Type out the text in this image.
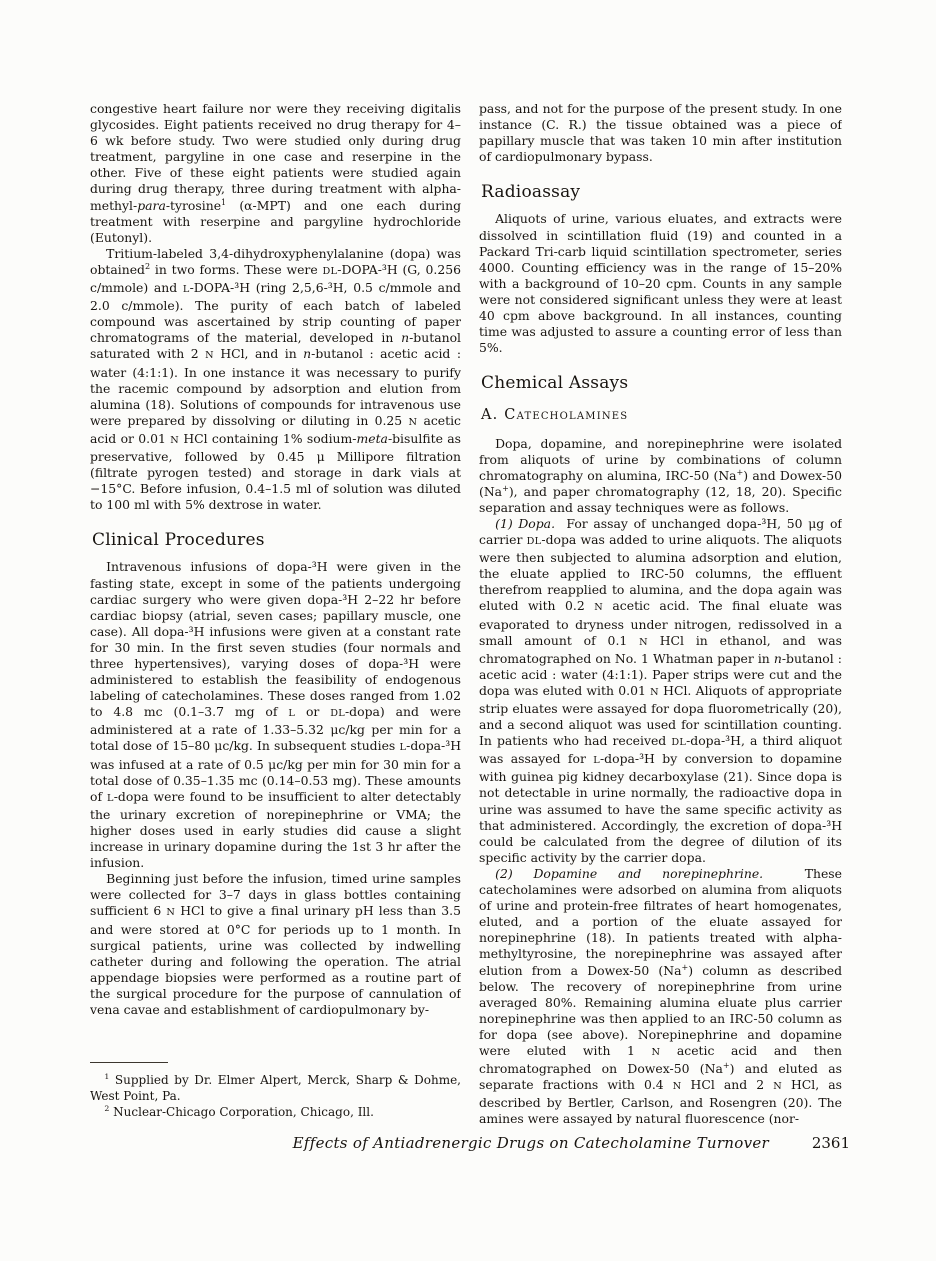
congestive heart failure nor were they receiving digitalis glycosides. Eight patients received no drug therapy for 4–6 wk before study. Two were studied only during drug treatment, pargyline in one case and reserpine in the other. Five of these eight patients were studied again during drug therapy, three during treatment with alpha-methyl-para-tyrosine$^1$ (α-MPT) and one each during treatment with reserpine and pargyline hydrochloride (Eutonyl).

Tritium-labeled 3,4-dihydroxyphenylalanine (dopa) was obtained$^2$ in two forms. These were DL-DOPA-³H (G, 0.256 c/mmole) and L-DOPA-³H (ring 2,5,6-³H, 0.5 c/mmole and 2.0 c/mmole). The purity of each batch of labeled compound was ascertained by strip counting of paper chromatograms of the material, developed in n-butanol saturated with 2 N HCl, and in n-butanol : acetic acid : water (4:1:1). In one instance it was necessary to purify the racemic compound by adsorption and elution from alumina (18). Solutions of compounds for intravenous use were prepared by dissolving or diluting in 0.25 N acetic acid or 0.01 N HCl containing 1% sodium-meta-bisulfite as preservative, followed by 0.45 μ Millipore filtration (filtrate pyrogen tested) and storage in dark vials at −15°C. Before infusion, 0.4–1.5 ml of solution was diluted to 100 ml with 5% dextrose in water.

Clinical Procedures

Intravenous infusions of dopa-³H were given in the fasting state, except in some of the patients undergoing cardiac surgery who were given dopa-³H 2–22 hr before cardiac biopsy (atrial, seven cases; papillary muscle, one case). All dopa-³H infusions were given at a constant rate for 30 min. In the first seven studies (four normals and three hypertensives), varying doses of dopa-³H were administered to establish the feasibility of endogenous labeling of catecholamines. These doses ranged from 1.02 to 4.8 mc (0.1–3.7 mg of L or DL-dopa) and were administered at a rate of 1.33–5.32 μc/kg per min for a total dose of 15–80 μc/kg. In subsequent studies L-dopa-³H was infused at a rate of 0.5 μc/kg per min for 30 min for a total dose of 0.35–1.35 mc (0.14–0.53 mg). These amounts of L-dopa were found to be insufficient to alter detectably the urinary excretion of norepinephrine or VMA; the higher doses used in early studies did cause a slight increase in urinary dopamine during the 1st 3 hr after the infusion.

Beginning just before the infusion, timed urine samples were collected for 3–7 days in glass bottles containing sufficient 6 N HCl to give a final urinary pH less than 3.5 and were stored at 0°C for periods up to 1 month. In surgical patients, urine was collected by indwelling catheter during and following the operation. The atrial appendage biopsies were performed as a routine part of the surgical procedure for the purpose of cannulation of vena cavae and establishment of cardiopulmonary by-

$^1$ Supplied by Dr. Elmer Alpert, Merck, Sharp & Dohme, West Point, Pa.

$^2$ Nuclear-Chicago Corporation, Chicago, Ill.

pass, and not for the purpose of the present study. In one instance (C. R.) the tissue obtained was a piece of papillary muscle that was taken 10 min after institution of cardiopulmonary bypass.

Radioassay

Aliquots of urine, various eluates, and extracts were dissolved in scintillation fluid (19) and counted in a Packard Tri-carb liquid scintillation spectrometer, series 4000. Counting efficiency was in the range of 15–20% with a background of 10–20 cpm. Counts in any sample were not considered significant unless they were at least 40 cpm above background. In all instances, counting time was adjusted to assure a counting error of less than 5%.

Chemical Assays
A. Catecholamines

Dopa, dopamine, and norepinephrine were isolated from aliquots of urine by combinations of column chromatography on alumina, IRC-50 (Na+) and Dowex-50 (Na+), and paper chromatography (12, 18, 20). Specific separation and assay techniques were as follows.

(1) Dopa.  For assay of unchanged dopa-³H, 50 μg of carrier DL-dopa was added to urine aliquots. The aliquots were then subjected to alumina adsorption and elution, the eluate applied to IRC-50 columns, the effluent therefrom reapplied to alumina, and the dopa again was eluted with 0.2 N acetic acid. The final eluate was evaporated to dryness under nitrogen, redissolved in a small amount of 0.1 N HCl in ethanol, and was chromatographed on No. 1 Whatman paper in n-butanol : acetic acid : water (4:1:1). Paper strips were cut and the dopa was eluted with 0.01 N HCl. Aliquots of appropriate strip eluates were assayed for dopa fluorometrically (20), and a second aliquot was used for scintillation counting. In patients who had received DL-dopa-³H, a third aliquot was assayed for L-dopa-³H by conversion to dopamine with guinea pig kidney decarboxylase (21). Since dopa is not detectable in urine normally, the radioactive dopa in urine was assumed to have the same specific activity as that administered. Accordingly, the excretion of dopa-³H could be calculated from the degree of dilution of its specific activity by the carrier dopa.

(2) Dopamine and norepinephrine.  These catecholamines were adsorbed on alumina from aliquots of urine and protein-free filtrates of heart homogenates, eluted, and a portion of the eluate assayed for norepinephrine (18). In patients treated with alpha-methyltyrosine, the norepinephrine was assayed after elution from a Dowex-50 (Na+) column as described below. The recovery of norepinephrine from urine averaged 80%. Remaining alumina eluate plus carrier norepinephrine was then applied to an IRC-50 column as for dopa (see above). Norepinephrine and dopamine were eluted with 1 N acetic acid and then chromatographed on Dowex-50 (Na+) and eluted as separate fractions with 0.4 N HCl and 2 N HCl, as described by Bertler, Carlson, and Rosengren (20). The amines were assayed by natural fluorescence (nor-

Effects of Antiadrenergic Drugs on Catecholamine Turnover	2361
